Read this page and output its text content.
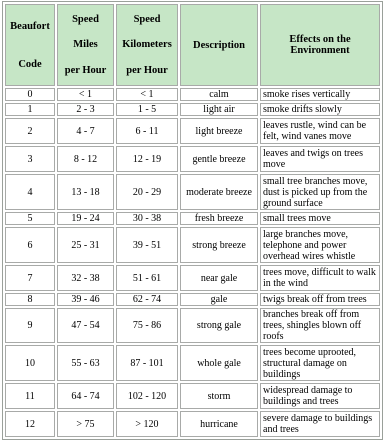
Beaufort
Code	Speed
Miles
per Hour	Speed
Kilometers
per Hour	Description	Effects on the Environment
0	< 1	< 1	calm	smoke rises vertically
1	2 - 3	1 - 5	light air	smoke drifts slowly
2	4 - 7	6 - 11	light breeze	leaves rustle, wind can be felt, wind vanes move
3	8 - 12	12 - 19	gentle breeze	leaves and twigs on trees move
4	13 - 18	20 - 29	moderate breeze	small tree branches move, dust is picked up from the ground surface
5	19 - 24	30 - 38	fresh breeze	small trees move
6	25 - 31	39 - 51	strong breeze	large branches move, telephone and power overhead wires whistle
7	32 - 38	51 - 61	near gale	trees move, difficult to walk in the wind
8	39 - 46	62 - 74	gale	twigs break off from trees
9	47 - 54	75 - 86	strong gale	branches break off from trees, shingles blown off roofs
10	55 - 63	87 - 101	whole gale	trees become uprooted, structural damage on buildings
11	64 - 74	102 - 120	storm	widespread damage to buildings and trees
12	> 75	> 120	hurricane	severe damage to buildings and trees
